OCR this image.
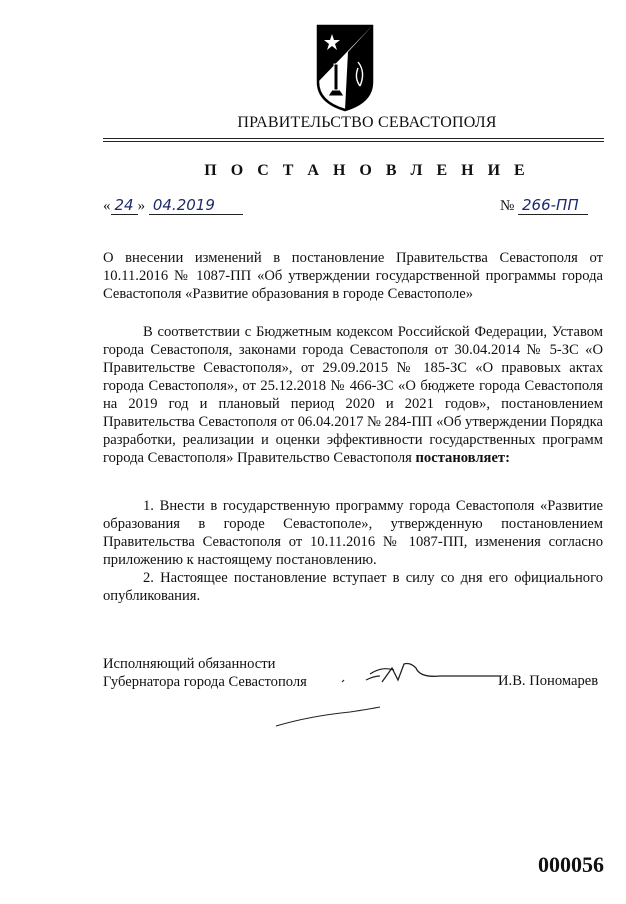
ПРАВИТЕЛЬСТВО СЕВАСТОПОЛЯ
П О С Т А Н О В Л Е Н И Е
« 24 » 04.2019	№ 266-ПП
О внесении изменений в постановление Правительства Севастополя от 10.11.2016 № 1087-ПП «Об утверждении государственной программы города Севастополя «Развитие образования в городе Севастополе»
В соответствии с Бюджетным кодексом Российской Федерации, Уставом города Севастополя, законами города Севастополя от 30.04.2014 № 5-ЗС «О Правительстве Севастополя», от 29.09.2015 № 185-ЗС «О правовых актах города Севастополя», от 25.12.2018 № 466-ЗС «О бюджете города Севастополя на 2019 год и плановый период 2020 и 2021 годов», постановлением Правительства Севастополя от 06.04.2017 № 284-ПП «Об утверждении Порядка разработки, реализации и оценки эффективности государственных программ города Севастополя» Правительство Севастополя постановляет:

1. Внести в государственную программу города Севастополя «Развитие образования в городе Севастополе», утвержденную постановлением Правительства Севастополя от 10.11.2016 № 1087-ПП, изменения согласно приложению к настоящему постановлению.

2. Настоящее постановление вступает в силу со дня его официального опубликования.

Исполняющий обязанности
Губернатора города Севастополя	И.В. Пономарев
000056
